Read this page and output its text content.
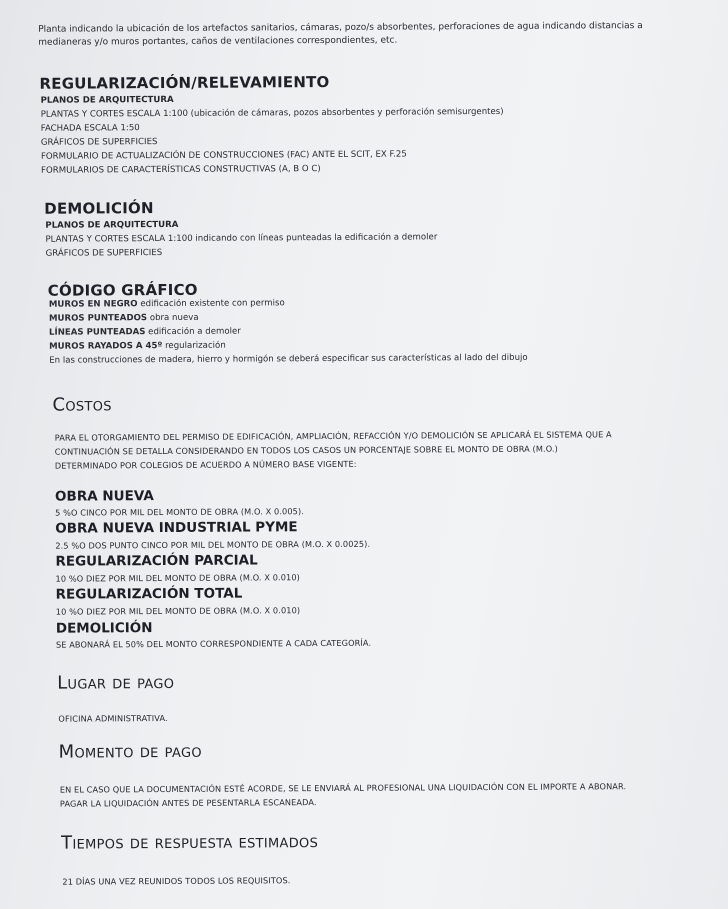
Planta indicando la ubicación de los artefactos sanitarios, cámaras, pozo/s absorbentes, perforaciones de agua indicando distancias a medianeras y/o muros portantes, caños de ventilaciones correspondientes, etc.
REGULARIZACIÓN/RELEVAMIENTO
PLANOS DE ARQUITECTURA
PLANTAS Y CORTES ESCALA 1:100 (ubicación de cámaras, pozos absorbentes y perforación semisurgentes)
FACHADA ESCALA 1:50
GRÁFICOS DE SUPERFICIES
FORMULARIO DE ACTUALIZACIÓN DE CONSTRUCCIONES (FAC) ANTE EL SCIT, EX F.25
FORMULARIOS DE CARACTERÍSTICAS CONSTRUCTIVAS (A, B O C)
DEMOLICIÓN
PLANOS DE ARQUITECTURA
PLANTAS Y CORTES ESCALA 1:100 indicando con líneas punteadas la edificación a demoler
GRÁFICOS DE SUPERFICIES
CÓDIGO GRÁFICO
MUROS EN NEGRO edificación existente con permiso
MUROS PUNTEADOS obra nueva
LÍNEAS PUNTEADAS edificación a demoler
MUROS RAYADOS A 45º regularización
En las construcciones de madera, hierro y hormigón se deberá especificar sus características al lado del dibujo
Costos
PARA EL OTORGAMIENTO DEL PERMISO DE EDIFICACIÓN, AMPLIACIÓN, REFACCIÓN Y/O DEMOLICIÓN SE APLICARÁ EL SISTEMA QUE A
CONTINUACIÓN SE DETALLA CONSIDERANDO EN TODOS LOS CASOS UN PORCENTAJE SOBRE EL MONTO DE OBRA (M.O.)
DETERMINADO POR COLEGIOS DE ACUERDO A NÚMERO BASE VIGENTE:
OBRA NUEVA
5 %O CINCO POR MIL DEL MONTO DE OBRA (M.O. X 0.005).
OBRA NUEVA INDUSTRIAL PYME
2.5 %O DOS PUNTO CINCO POR MIL DEL MONTO DE OBRA (M.O. X 0.0025).
REGULARIZACIÓN PARCIAL
10 %O DIEZ POR MIL DEL MONTO DE OBRA (M.O. X 0.010)
REGULARIZACIÓN TOTAL
10 %O DIEZ POR MIL DEL MONTO DE OBRA (M.O. X 0.010)
DEMOLICIÓN
SE ABONARÁ EL 50% DEL MONTO CORRESPONDIENTE A CADA CATEGORÍA.
Lugar de pago
OFICINA ADMINISTRATIVA.
Momento de pago
EN EL CASO QUE LA DOCUMENTACIÓN ESTÉ ACORDE, SE LE ENVIARÁ AL PROFESIONAL UNA LIQUIDACIÓN CON EL IMPORTE A ABONAR.
PAGAR LA LIQUIDACIÓN ANTES DE PESENTARLA ESCANEADA.
Tiempos de respuesta estimados
21 DÍAS UNA VEZ REUNIDOS TODOS LOS REQUISITOS.
